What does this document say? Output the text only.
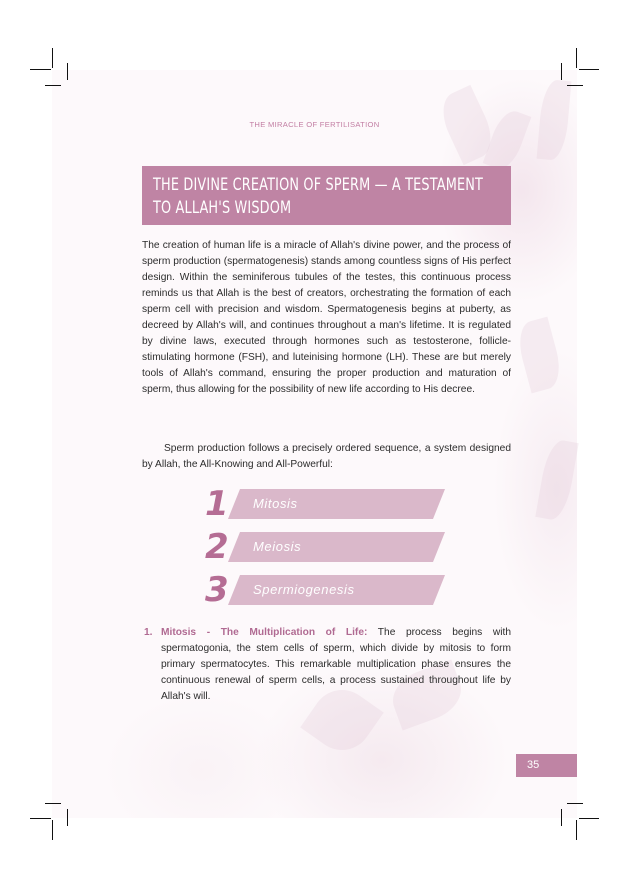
THE MIRACLE OF FERTILISATION
THE DIVINE CREATION OF SPERM — A TESTAMENT TO ALLAH'S WISDOM

The creation of human life is a miracle of Allah's divine power, and the process of sperm production (spermatogenesis) stands among countless signs of His perfect design. Within the seminiferous tubules of the testes, this continuous process reminds us that Allah is the best of creators, orchestrating the formation of each sperm cell with precision and wisdom. Spermatogenesis begins at puberty, as decreed by Allah's will, and continues throughout a man's lifetime. It is regulated by divine laws, executed through hormones such as testosterone, follicle-stimulating hormone (FSH), and luteinising hormone (LH). These are but merely tools of Allah's command, ensuring the proper production and maturation of sperm, thus allowing for the possibility of new life according to His decree.

Sperm production follows a precisely ordered sequence, a system designed by Allah, the All-Knowing and All-Powerful:

1 Mitosis
2 Meiosis
3 Spermiogenesis
1. Mitosis - The Multiplication of Life: The process begins with spermatogonia, the stem cells of sperm, which divide by mitosis to form primary spermatocytes. This remarkable multiplication phase ensures the continuous renewal of sperm cells, a process sustained throughout life by Allah's will.
35
